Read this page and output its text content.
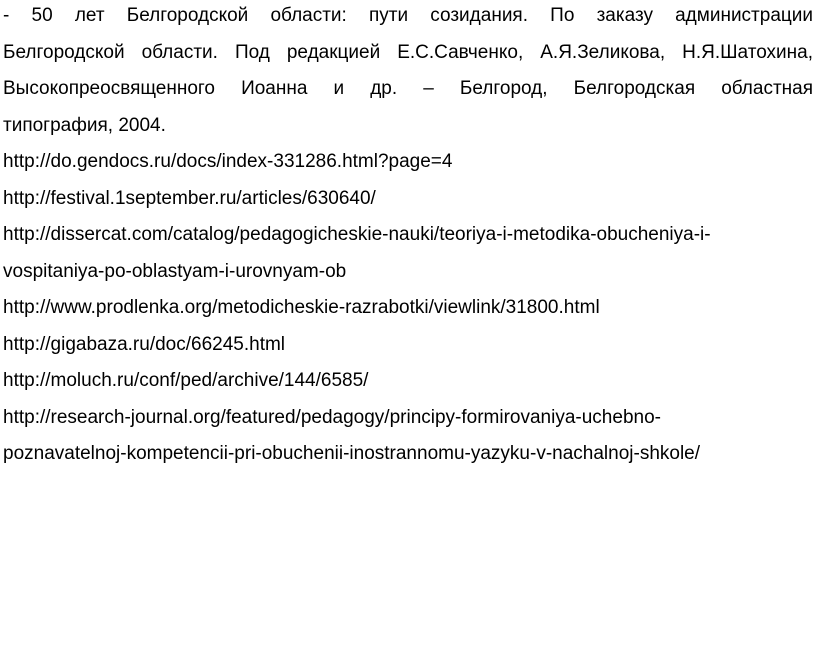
- 50 лет Белгородской области: пути созидания. По заказу администрации
Белгородской области. Под редакцией Е.С.Савченко, А.Я.Зеликова, Н.Я.Шатохина,
Высокопреосвященного Иоанна и др. – Белгород, Белгородская областная
типография, 2004.
http://do.gendocs.ru/docs/index-331286.html?page=4
http://festival.1september.ru/articles/630640/
http://dissercat.com/catalog/pedagogicheskie-nauki/teoriya-i-metodika-obucheniya-i-
vospitaniya-po-oblastyam-i-urovnyam-ob
http://www.prodlenka.org/metodicheskie-razrabotki/viewlink/31800.html
http://gigabaza.ru/doc/66245.html
http://moluch.ru/conf/ped/archive/144/6585/
http://research-journal.org/featured/pedagogy/principy-formirovaniya-uchebno-
poznavatelnoj-kompetencii-pri-obuchenii-inostrannomu-yazyku-v-nachalnoj-shkole/
